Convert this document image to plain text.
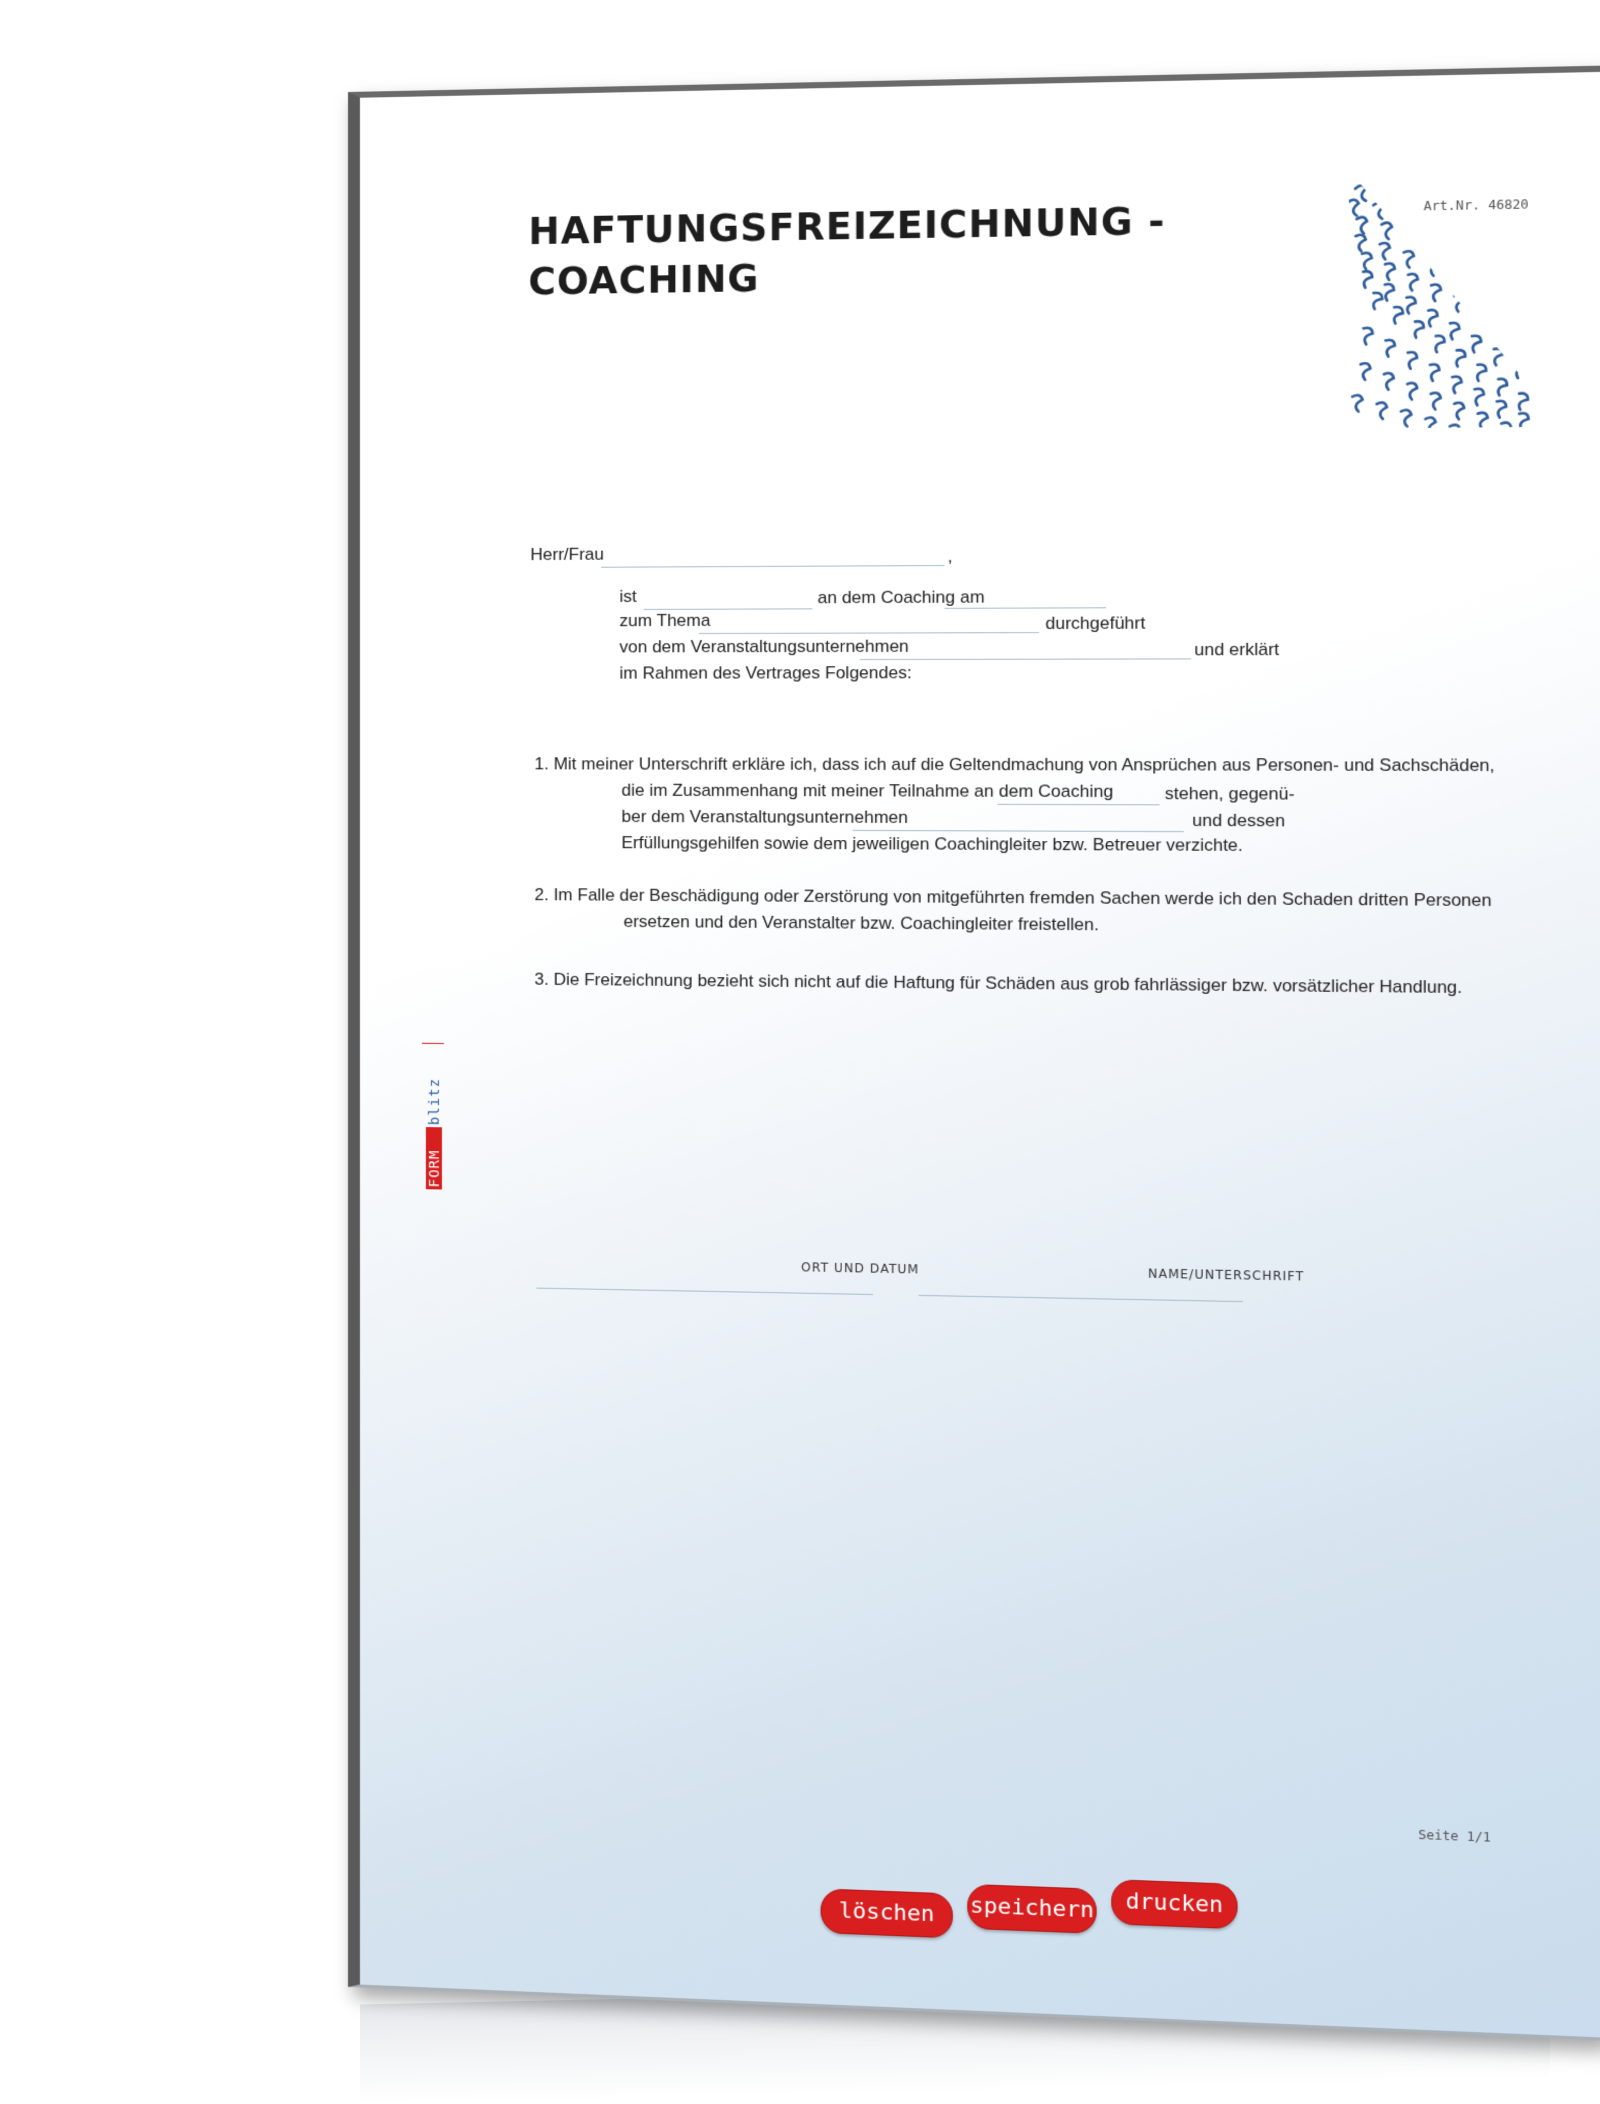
HAFTUNGSFREIZEICHNUNG -
COACHING
Art.Nr. 46820
FORM
blitz
Herr/Frau	,
ist	an dem Coaching am
zum Thema	durchgeführt
von dem Veranstaltungsunternehmen	und erklärt
im Rahmen des Vertrages Folgendes:
1. Mit meiner Unterschrift erkläre ich, dass ich auf die Geltendmachung von Ansprüchen aus Personen- und Sachschäden,
die im Zusammenhang mit meiner Teilnahme an dem Coaching	stehen, gegenü-
ber dem Veranstaltungsunternehmen	und dessen
Erfüllungsgehilfen sowie dem jeweiligen Coachingleiter bzw. Betreuer verzichte.
2. Im Falle der Beschädigung oder Zerstörung von mitgeführten fremden Sachen werde ich den Schaden dritten Personen
ersetzen und den Veranstalter bzw. Coachingleiter freistellen.
3. Die Freizeichnung bezieht sich nicht auf die Haftung für Schäden aus grob fahrlässiger bzw. vorsätzlicher Handlung.
ORT UND DATUM	NAME/UNTERSCHRIFT
Seite 1/1
löschen	speichern	drucken
